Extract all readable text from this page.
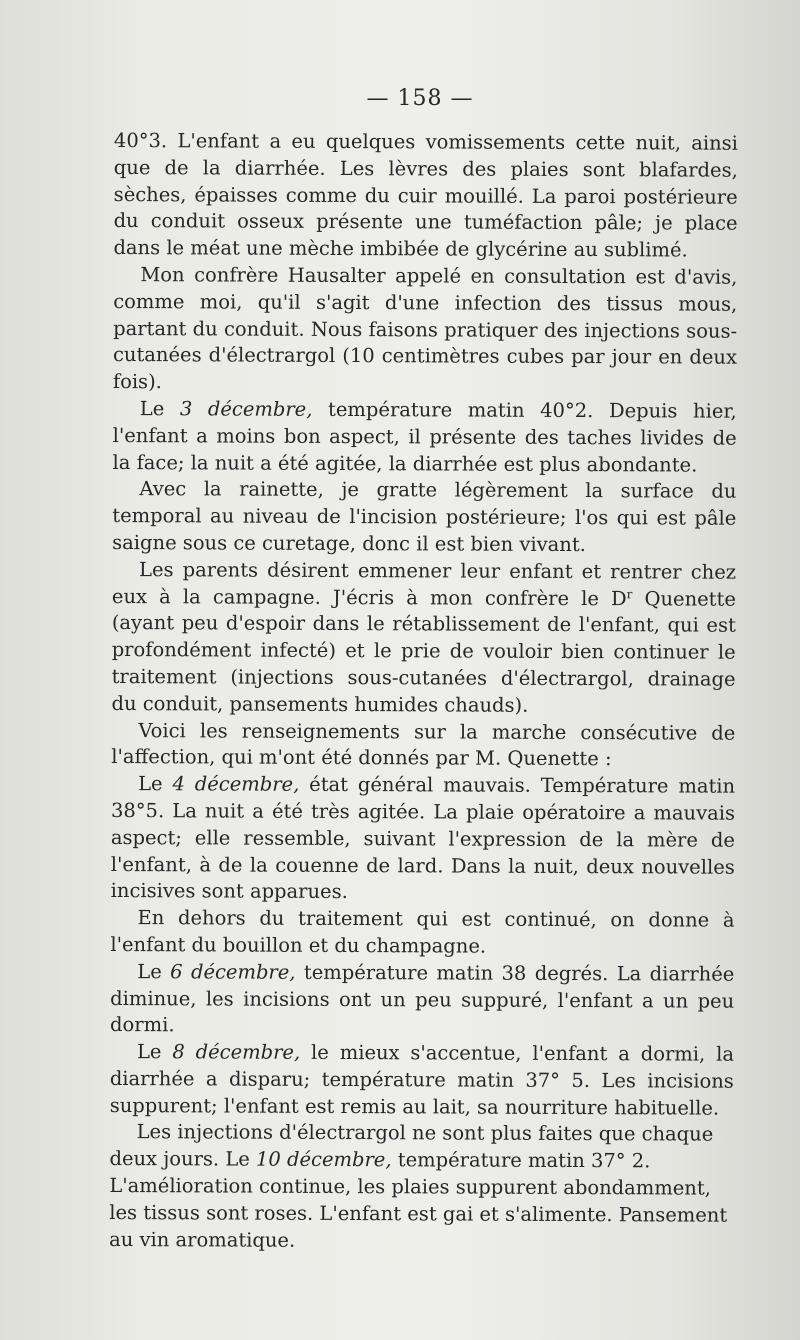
— 158 —

40°3. L'enfant a eu quelques vomissements cette nuit, ainsi que de la diarrhée. Les lèvres des plaies sont blafardes, sèches, épaisses comme du cuir mouillé. La paroi postérieure du conduit osseux présente une tuméfaction pâle; je place dans le méat une mèche imbibée de glycérine au sublimé.

Mon confrère Hausalter appelé en consultation est d'avis, comme moi, qu'il s'agit d'une infection des tissus mous, partant du conduit. Nous faisons pratiquer des injections sous-cutanées d'électrargol (10 centimètres cubes par jour en deux fois).

Le 3 décembre, température matin 40°2. Depuis hier, l'enfant a moins bon aspect, il présente des taches livides de la face; la nuit a été agitée, la diarrhée est plus abondante.

Avec la rainette, je gratte légèrement la surface du temporal au niveau de l'incision postérieure; l'os qui est pâle saigne sous ce curetage, donc il est bien vivant.

Les parents désirent emmener leur enfant et rentrer chez eux à la campagne. J'écris à mon confrère le $D^r$ Quenette (ayant peu d'espoir dans le rétablissement de l'enfant, qui est profondément infecté) et le prie de vouloir bien continuer le traitement (injections sous-cutanées d'électrargol, drainage du conduit, pansements humides chauds).

Voici les renseignements sur la marche consécutive de l'affection, qui m'ont été donnés par M. Quenette :

Le 4 décembre, état général mauvais. Température matin 38°5. La nuit a été très agitée. La plaie opératoire a mauvais aspect; elle ressemble, suivant l'expression de la mère de l'enfant, à de la couenne de lard. Dans la nuit, deux nouvelles incisives sont apparues.

En dehors du traitement qui est continué, on donne à l'enfant du bouillon et du champagne.

Le 6 décembre, température matin 38 degrés. La diarrhée diminue, les incisions ont un peu suppuré, l'enfant a un peu dormi.

Le 8 décembre, le mieux s'accentue, l'enfant a dormi, la diarrhée a disparu; température matin 37° 5. Les incisions suppurent; l'enfant est remis au lait, sa nourriture habituelle.

Les injections d'électrargol ne sont plus faites que chaque deux jours. Le 10 décembre, température matin 37° 2. L'amélioration continue, les plaies suppurent abondamment, les tissus sont roses. L'enfant est gai et s'alimente. Pansement au vin aromatique.
